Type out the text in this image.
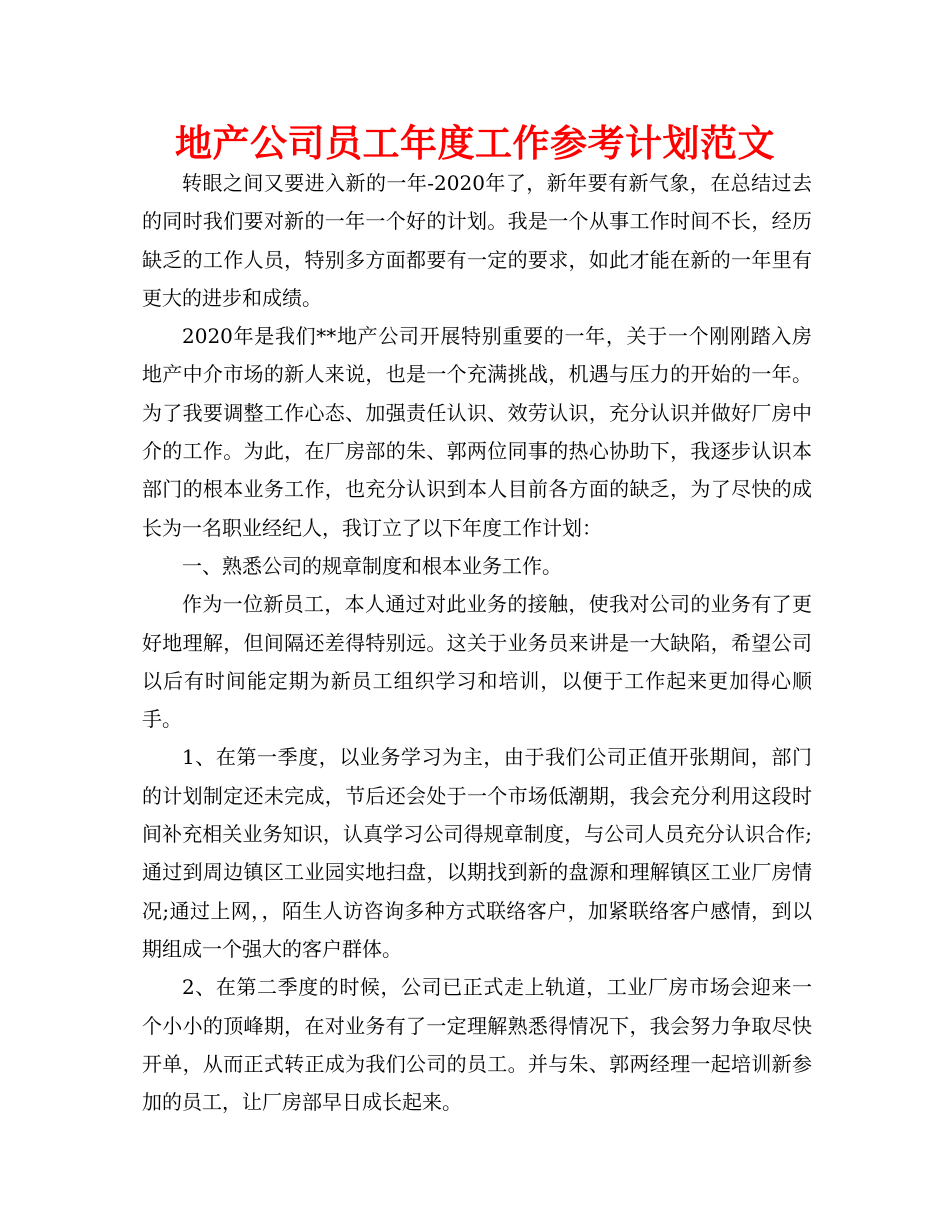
地产公司员工年度工作参考计划范文

转眼之间又要进入新的一年-2020年了，新年要有新气象，在总结过去的同时我们要对新的一年一个好的计划。我是一个从事工作时间不长，经历缺乏的工作人员，特别多方面都要有一定的要求，如此才能在新的一年里有更大的进步和成绩。

2020年是我们**地产公司开展特别重要的一年，关于一个刚刚踏入房地产中介市场的新人来说，也是一个充满挑战，机遇与压力的开始的一年。为了我要调整工作心态、加强责任认识、效劳认识，充分认识并做好厂房中介的工作。为此，在厂房部的朱、郭两位同事的热心协助下，我逐步认识本部门的根本业务工作，也充分认识到本人目前各方面的缺乏，为了尽快的成长为一名职业经纪人，我订立了以下年度工作计划：

一、熟悉公司的规章制度和根本业务工作。

作为一位新员工，本人通过对此业务的接触，使我对公司的业务有了更好地理解，但间隔还差得特别远。这关于业务员来讲是一大缺陷，希望公司以后有时间能定期为新员工组织学习和培训，以便于工作起来更加得心顺手。

1、在第一季度，以业务学习为主，由于我们公司正值开张期间，部门的计划制定还未完成，节后还会处于一个市场低潮期，我会充分利用这段时间补充相关业务知识，认真学习公司得规章制度，与公司人员充分认识合作;通过到周边镇区工业园实地扫盘，以期找到新的盘源和理解镇区工业厂房情况;通过上网，，陌生人访咨询多种方式联络客户，加紧联络客户感情，到以期组成一个强大的客户群体。

2、在第二季度的时候，公司已正式走上轨道，工业厂房市场会迎来一个小小的顶峰期，在对业务有了一定理解熟悉得情况下，我会努力争取尽快开单，从而正式转正成为我们公司的员工。并与朱、郭两经理一起培训新参加的员工，让厂房部早日成长起来。
